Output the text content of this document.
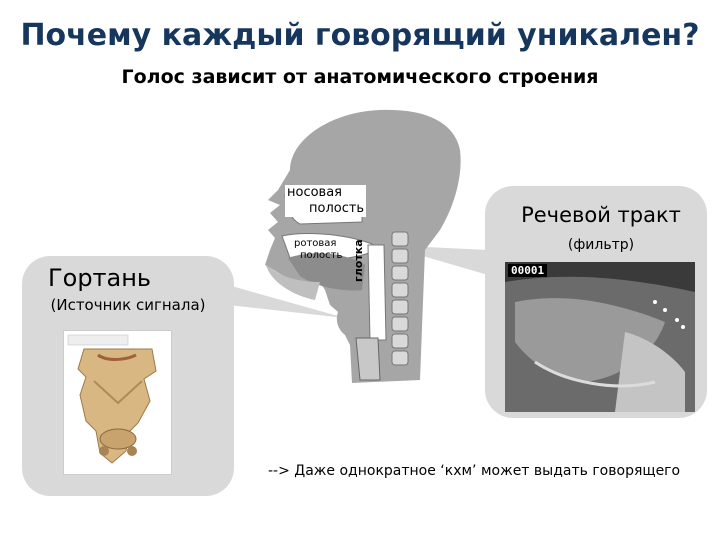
Почему каждый говорящий уникален?
Голос зависит от анатомического строения
носовая
полость
ротовая
полость глотка
Гортань
(Источник сигнала)
Речевой тракт
(фильтр)
00001
--> Даже однократное ‘кхм’ может выдать говорящего
